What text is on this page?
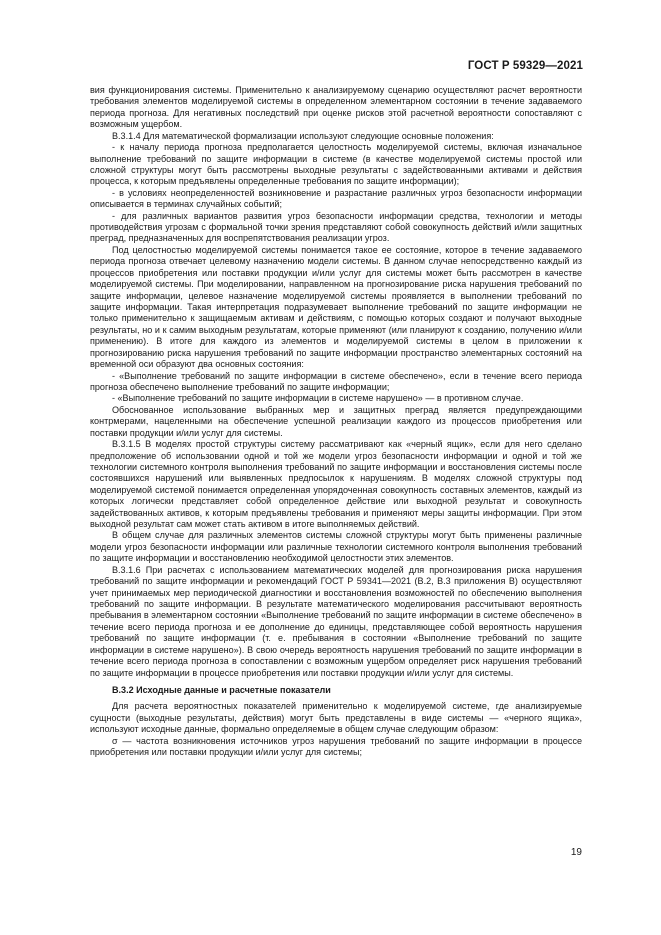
ГОСТ Р 59329—2021

вия функционирования системы. Применительно к анализируемому сценарию осуществляют расчет вероятности требования элементов моделируемой системы в определенном элементарном состоянии в течение задаваемого периода прогноза. Для негативных последствий при оценке рисков этой расчетной вероятности сопоставляют с возможным ущербом.

В.3.1.4 Для математической формализации используют следующие основные положения:

- к началу периода прогноза предполагается целостность моделируемой системы, включая изначальное выполнение требований по защите информации в системе (в качестве моделируемой системы простой или сложной структуры могут быть рассмотрены выходные результаты с задействованными активами и действия процесса, к которым предъявлены определенные требования по защите информации);

- в условиях неопределенностей возникновение и разрастание различных угроз безопасности информации описывается в терминах случайных событий;

- для различных вариантов развития угроз безопасности информации средства, технологии и методы противодействия угрозам с формальной точки зрения представляют собой совокупность действий и/или защитных преград, предназначенных для воспрепятствования реализации угроз.

Под целостностью моделируемой системы понимается такое ее состояние, которое в течение задаваемого периода прогноза отвечает целевому назначению модели системы. В данном случае непосредственно каждый из процессов приобретения или поставки продукции и/или услуг для системы может быть рассмотрен в качестве моделируемой системы. При моделировании, направленном на прогнозирование риска нарушения требований по защите информации, целевое назначение моделируемой системы проявляется в выполнении требований по защите информации. Такая интерпретация подразумевает выполнение требований по защите информации не только применительно к защищаемым активам и действиям, с помощью которых создают и получают выходные результаты, но и к самим выходным результатам, которые применяют (или планируют к созданию, получению и/или применению). В итоге для каждого из элементов и моделируемой системы в целом в приложении к прогнозированию риска нарушения требований по защите информации пространство элементарных состояний на временной оси образуют два основных состояния:

- «Выполнение требований по защите информации в системе обеспечено», если в течение всего периода прогноза обеспечено выполнение требований по защите информации;

- «Выполнение требований по защите информации в системе нарушено» — в противном случае.

Обоснованное использование выбранных мер и защитных преград является предупреждающими контрмерами, нацеленными на обеспечение успешной реализации каждого из процессов приобретения или поставки продукции и/или услуг для системы.

В.3.1.5 В моделях простой структуры систему рассматривают как «черный ящик», если для него сделано предположение об использовании одной и той же модели угроз безопасности информации и одной и той же технологии системного контроля выполнения требований по защите информации и восстановления системы после состоявшихся нарушений или выявленных предпосылок к нарушениям. В моделях сложной структуры под моделируемой системой понимается определенная упорядоченная совокупность составных элементов, каждый из которых логически представляет собой определенное действие или выходной результат и совокупность задействованных активов, к которым предъявлены требования и применяют меры защиты информации. При этом выходной результат сам может стать активом в итоге выполняемых действий.

В общем случае для различных элементов системы сложной структуры могут быть применены различные модели угроз безопасности информации или различные технологии системного контроля выполнения требований по защите информации и восстановлению необходимой целостности этих элементов.

В.3.1.6 При расчетах с использованием математических моделей для прогнозирования риска нарушения требований по защите информации и рекомендаций ГОСТ Р 59341—2021 (В.2, В.3 приложения В) осуществляют учет принимаемых мер периодической диагностики и восстановления возможностей по обеспечению выполнения требований по защите информации. В результате математического моделирования рассчитывают вероятность пребывания в элементарном состоянии «Выполнение требований по защите информации в системе обеспечено» в течение всего периода прогноза и ее дополнение до единицы, представляющее собой вероятность нарушения требований по защите информации (т. е. пребывания в состоянии «Выполнение требований по защите информации в системе нарушено»). В свою очередь вероятность нарушения требований по защите информации в течение всего периода прогноза в сопоставлении с возможным ущербом определяет риск нарушения требований по защите информации в процессе приобретения или поставки продукции и/или услуг для системы.

В.3.2 Исходные данные и расчетные показатели

Для расчета вероятностных показателей применительно к моделируемой системе, где анализируемые сущности (выходные результаты, действия) могут быть представлены в виде системы — «черного ящика», используют исходные данные, формально определяемые в общем случае следующим образом:

σ — частота возникновения источников угроз нарушения требований по защите информации в процессе приобретения или поставки продукции и/или услуг для системы;

19
